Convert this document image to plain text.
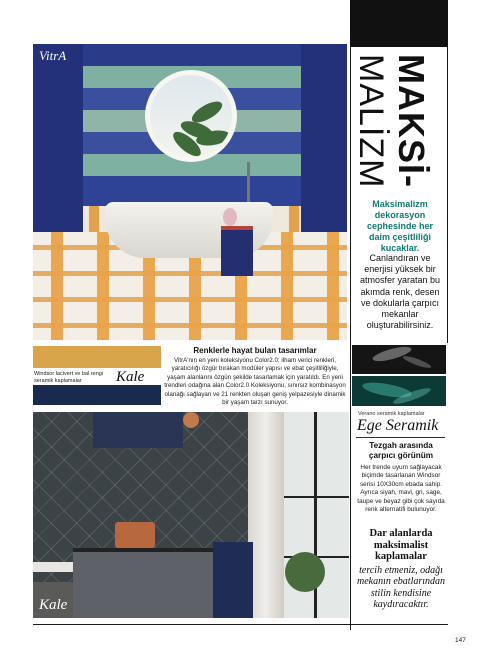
VitrA	MAKSİ-
MALİZM
Maksimalizm dekorasyon cephesinde her daim çeşitliliği kucaklar.
Canlandıran ve enerjisi yüksek bir atmosfer yaratan bu akımda renk, desen ve dokularla çarpıcı mekanlar oluşturabilirsiniz.
Windsor lacivert ve bal rengi seramik kaplamalar	Kale
Renklerle hayat bulan tasarımlar
VitrA'nın en yeni koleksiyonu Color2.0; ilham verici renkleri, yaratıcılığı özgür bırakan modüler yapısı ve ebat çeşitliliğiyle, yaşam alanlarını özgün şekilde tasarlamak için yaratıldı. En yeni trendleri odağına alan Color2.0 Koleksiyonu, sınırsız kombinasyon olanağı sağlayan ve 21 renkten oluşan geniş yelpazesiyle dinamik bir yaşam tarzı sunuyor.
Verano seramik kaplamalar
Ege Seramik
Tezgah arasında çarpıcı görünüm
Her trende uyum sağlayacak biçimde tasarlanan Windsor serisi 10X30cm ebada sahip. Ayrıca siyah, mavi, gri, sage, taupe ve beyaz gibi çok sayıda renk alternatifi bulunuyor.
Dar alanlarda maksimalist kaplamalar
tercih etmeniz, odağı mekanın ebatlarından stilin kendisine kaydıracaktır.
Kale
147
